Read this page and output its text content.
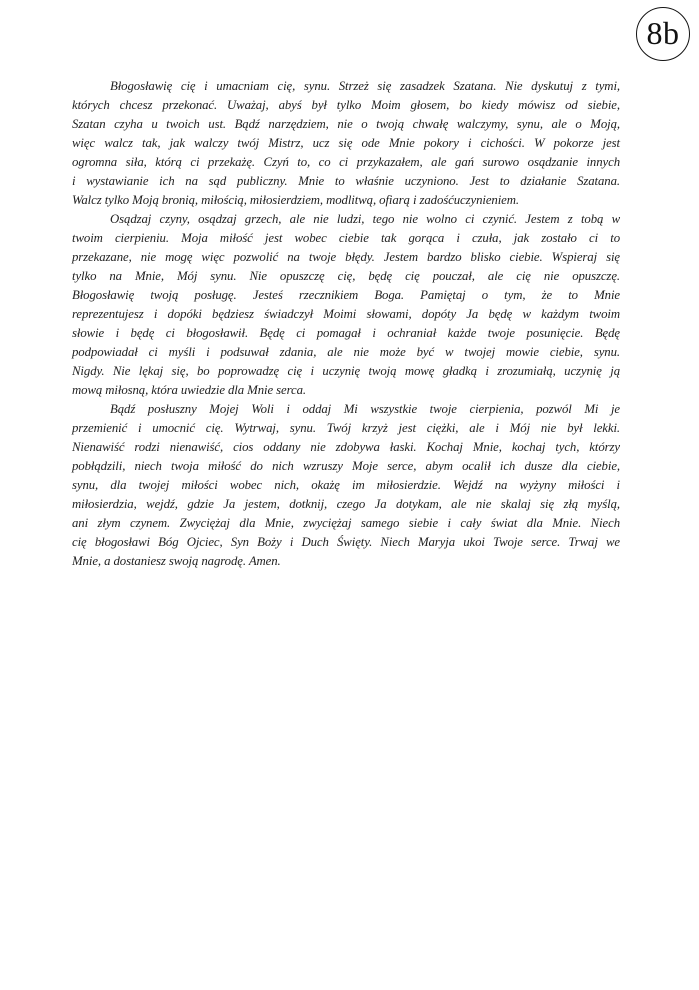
8b
Błogosławię cię i umacniam cię, synu. Strzeż się zasadzek Szatana. Nie dyskutuj z tymi,
których chcesz przekonać. Uważaj, abyś był tylko Moim głosem, bo kiedy mówisz od siebie,
Szatan czyha u twoich ust. Bądź narzędziem, nie o twoją chwałę walczymy, synu, ale o Moją,
więc walcz tak, jak walczy twój Mistrz, ucz się ode Mnie pokory i cichości. W pokorze jest
ogromna siła, którą ci przekażę. Czyń to, co ci przykazałem, ale gań surowo osądzanie innych
i wystawianie ich na sąd publiczny. Mnie to właśnie uczyniono. Jest to działanie Szatana.
Walcz tylko Moją bronią, miłością, miłosierdziem, modlitwą, ofiarą i zadośćuczynieniem.
Osądzaj czyny, osądzaj grzech, ale nie ludzi, tego nie wolno ci czynić. Jestem z tobą w
twoim cierpieniu. Moja miłość jest wobec ciebie tak gorąca i czuła, jak zostało ci to
przekazane, nie mogę więc pozwolić na twoje błędy. Jestem bardzo blisko ciebie. Wspieraj się
tylko na Mnie, Mój synu. Nie opuszczę cię, będę cię pouczał, ale cię nie opuszczę.
Błogosławię twoją posługę. Jesteś rzecznikiem Boga. Pamiętaj o tym, że to Mnie
reprezentujesz i dopóki będziesz świadczył Moimi słowami, dopóty Ja będę w każdym twoim
słowie i będę ci błogosławił. Będę ci pomagał i ochraniał każde twoje posunięcie. Będę
podpowiadał ci myśli i podsuwał zdania, ale nie może być w twojej mowie ciebie, synu.
Nigdy. Nie lękaj się, bo poprowadzę cię i uczynię twoją mowę gładką i zrozumiałą, uczynię ją
mową miłosną, która uwiedzie dla Mnie serca.
Bądź posłuszny Mojej Woli i oddaj Mi wszystkie twoje cierpienia, pozwól Mi je
przemienić i umocnić cię. Wytrwaj, synu. Twój krzyż jest ciężki, ale i Mój nie był lekki.
Nienawiść rodzi nienawiść, cios oddany nie zdobywa łaski. Kochaj Mnie, kochaj tych, którzy
pobłądzili, niech twoja miłość do nich wzruszy Moje serce, abym ocalił ich dusze dla ciebie,
synu, dla twojej miłości wobec nich, okażę im miłosierdzie. Wejdź na wyżyny miłości i
miłosierdzia, wejdź, gdzie Ja jestem, dotknij, czego Ja dotykam, ale nie skalaj się złą myślą,
ani złym czynem. Zwyciężaj dla Mnie, zwyciężaj samego siebie i cały świat dla Mnie. Niech
cię błogosławi Bóg Ojciec, Syn Boży i Duch Święty. Niech Maryja ukoi Twoje serce. Trwaj we
Mnie, a dostaniesz swoją nagrodę. Amen.
